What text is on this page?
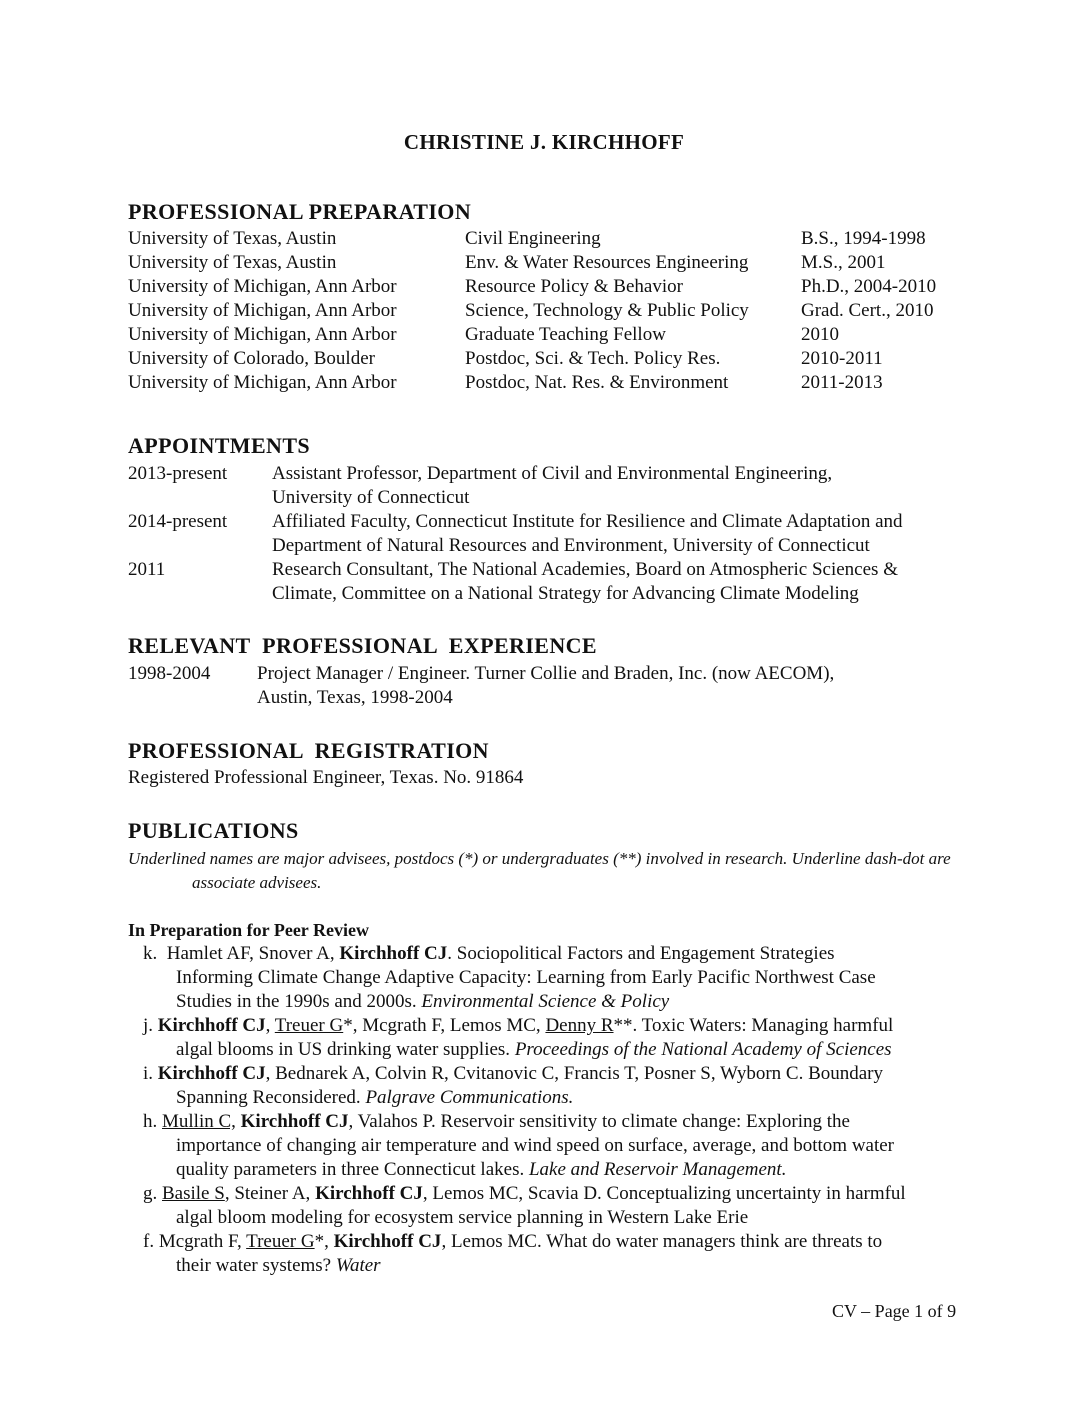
CHRISTINE J. KIRCHHOFF
PROFESSIONAL PREPARATION
University of Texas, Austin	Civil Engineering	B.S., 1994-1998
University of Texas, Austin	Env. & Water Resources Engineering	M.S., 2001
University of Michigan, Ann Arbor	Resource Policy & Behavior	Ph.D., 2004-2010
University of Michigan, Ann Arbor	Science, Technology & Public Policy	Grad. Cert., 2010
University of Michigan, Ann Arbor	Graduate Teaching Fellow	2010
University of Colorado, Boulder	Postdoc, Sci. & Tech. Policy Res.	2010-2011
University of Michigan, Ann Arbor	Postdoc, Nat. Res. & Environment	2011-2013
APPOINTMENTS
2013-present Assistant Professor, Department of Civil and Environmental Engineering,
University of Connecticut
2014-present Affiliated Faculty, Connecticut Institute for Resilience and Climate Adaptation and
Department of Natural Resources and Environment, University of Connecticut
2011	Research Consultant, The National Academies, Board on Atmospheric Sciences &
Climate, Committee on a National Strategy for Advancing Climate Modeling
RELEVANT PROFESSIONAL EXPERIENCE
1998-2004 Project Manager / Engineer. Turner Collie and Braden, Inc. (now AECOM),
Austin, Texas, 1998-2004
PROFESSIONAL REGISTRATION
Registered Professional Engineer, Texas. No. 91864
PUBLICATIONS
Underlined names are major advisees, postdocs (*) or undergraduates (**) involved in research. Underline dash-dot are
associate advisees.
In Preparation for Peer Review
k. Hamlet AF, Snover A, Kirchhoff CJ. Sociopolitical Factors and Engagement Strategies
Informing Climate Change Adaptive Capacity: Learning from Early Pacific Northwest Case
Studies in the 1990s and 2000s. Environmental Science & Policy
j. Kirchhoff CJ, Treuer G*, Mcgrath F, Lemos MC, Denny R**. Toxic Waters: Managing harmful
algal blooms in US drinking water supplies. Proceedings of the National Academy of Sciences
i. Kirchhoff CJ, Bednarek A, Colvin R, Cvitanovic C, Francis T, Posner S, Wyborn C. Boundary
Spanning Reconsidered. Palgrave Communications.
h. Mullin C, Kirchhoff CJ, Valahos P. Reservoir sensitivity to climate change: Exploring the
importance of changing air temperature and wind speed on surface, average, and bottom water
quality parameters in three Connecticut lakes. Lake and Reservoir Management.
g. Basile S, Steiner A, Kirchhoff CJ, Lemos MC, Scavia D. Conceptualizing uncertainty in harmful
algal bloom modeling for ecosystem service planning in Western Lake Erie
f. Mcgrath F, Treuer G*, Kirchhoff CJ, Lemos MC. What do water managers think are threats to
their water systems? Water
CV – Page 1 of 9
